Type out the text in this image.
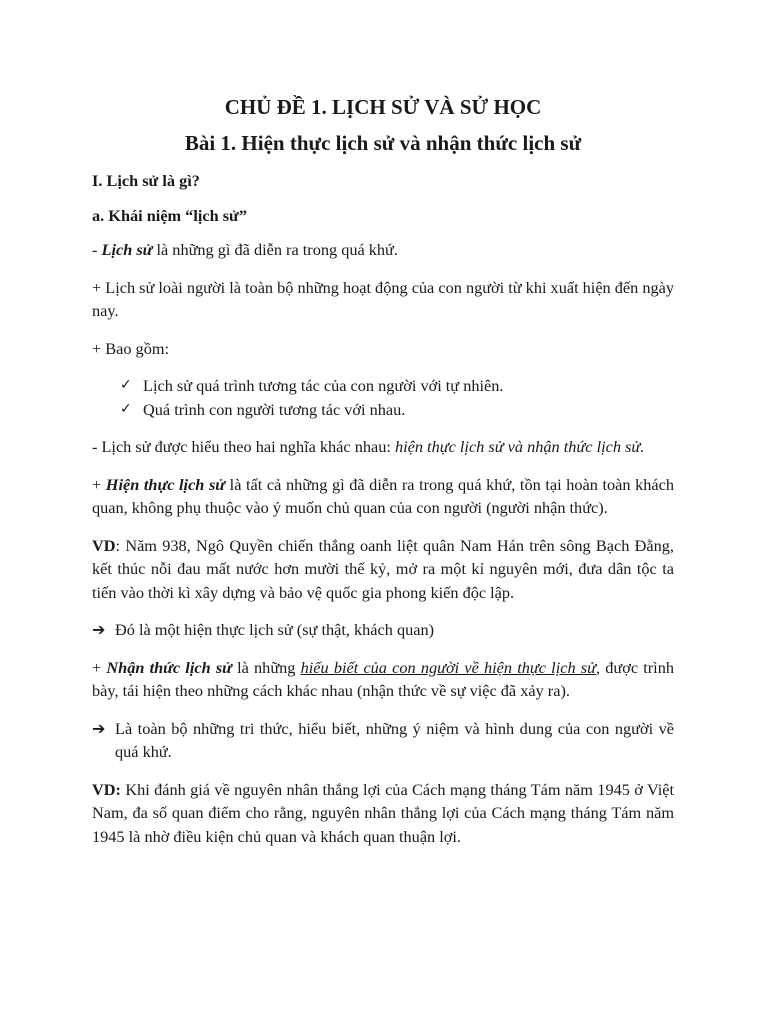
CHỦ ĐỀ 1. LỊCH SỬ VÀ SỬ HỌC
Bài 1. Hiện thực lịch sử và nhận thức lịch sử
I. Lịch sử là gì?
a. Khái niệm “lịch sử”

- Lịch sử là những gì đã diễn ra trong quá khứ.

+ Lịch sử loài người là toàn bộ những hoạt động của con người từ khi xuất hiện đến ngày nay.

+ Bao gồm:

✓ Lịch sử quá trình tương tác của con người với tự nhiên.
✓ Quá trình con người tương tác với nhau.

- Lịch sử được hiểu theo hai nghĩa khác nhau: hiện thực lịch sử và nhận thức lịch sử.

+ Hiện thực lịch sử là tất cả những gì đã diễn ra trong quá khứ, tồn tại hoàn toàn khách quan, không phụ thuộc vào ý muốn chủ quan của con người (người nhận thức).

VD: Năm 938, Ngô Quyền chiến thắng oanh liệt quân Nam Hán trên sông Bạch Đằng, kết thúc nỗi đau mất nước hơn mười thế kỷ, mở ra một kỉ nguyên mới, đưa dân tộc ta tiến vào thời kì xây dựng và bảo vệ quốc gia phong kiến độc lập.

➔ Đó là một hiện thực lịch sử (sự thật, khách quan)

+ Nhận thức lịch sử là những hiểu biết của con người về hiện thực lịch sử, được trình bày, tái hiện theo những cách khác nhau (nhận thức về sự việc đã xảy ra).

➔ Là toàn bộ những tri thức, hiểu biết, những ý niệm và hình dung của con người về quá khứ.

VD: Khi đánh giá về nguyên nhân thắng lợi của Cách mạng tháng Tám năm 1945 ở Việt Nam, đa số quan điểm cho rằng, nguyên nhân thắng lợi của Cách mạng tháng Tám năm 1945 là nhờ điều kiện chủ quan và khách quan thuận lợi.
